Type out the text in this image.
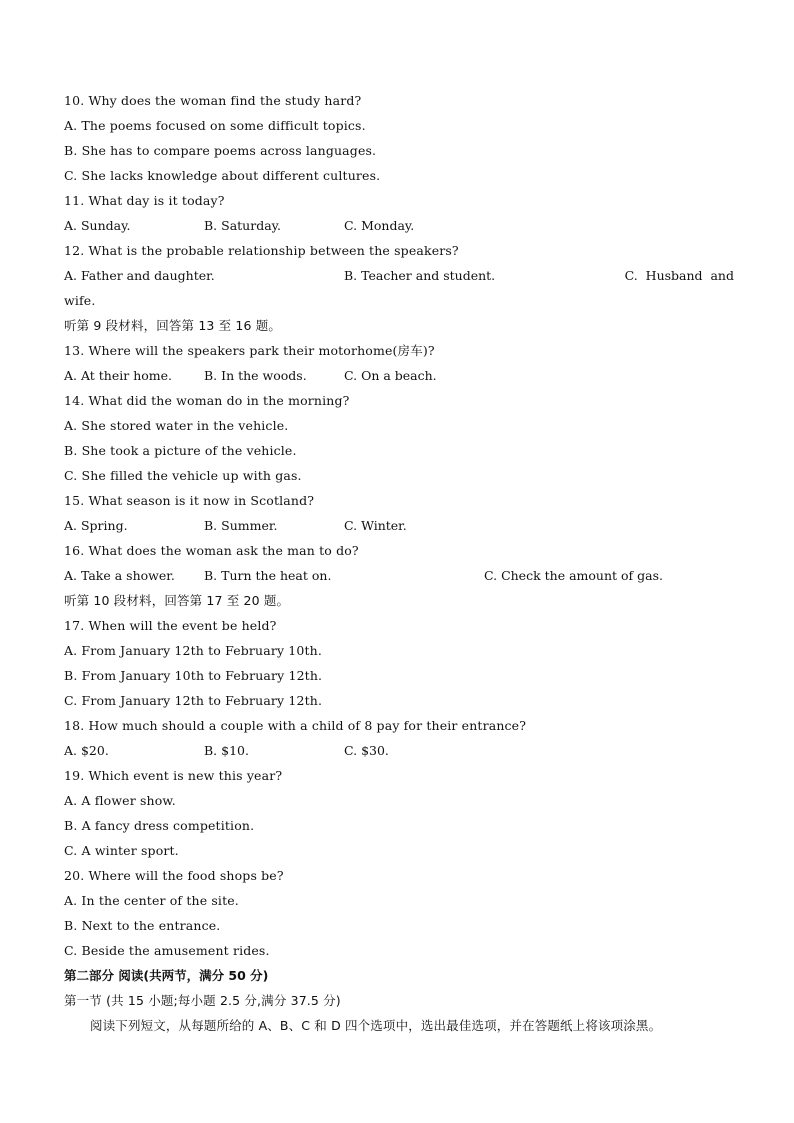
10. Why does the woman find the study hard?
A. The poems focused on some difficult topics.
B. She has to compare poems across languages.
C. She lacks knowledge about different cultures.
11. What day is it today?
A. Sunday.	B. Saturday.	C. Monday.
12. What is the probable relationship between the speakers?
A. Father and daughter.	B. Teacher and student.	C.  Husband  and
wife.
听第 9 段材料，回答第 13 至 16 题。
13. Where will the speakers park their motorhome(房车)?
A. At their home.	B. In the woods.	C. On a beach.
14. What did the woman do in the morning?
A. She stored water in the vehicle.
B. She took a picture of the vehicle.
C. She filled the vehicle up with gas.
15. What season is it now in Scotland?
A. Spring.	B. Summer.	C. Winter.
16. What does the woman ask the man to do?
A. Take a shower.	B. Turn the heat on.	C. Check the amount of gas.
听第 10 段材料，回答第 17 至 20 题。
17. When will the event be held?
A. From January 12th to February 10th.
B. From January 10th to February 12th.
C. From January 12th to February 12th.
18. How much should a couple with a child of 8 pay for their entrance?
A. $20.	B. $10.	C. $30.
19. Which event is new this year?
A. A flower show.
B. A fancy dress competition.
C. A winter sport.
20. Where will the food shops be?
A. In the center of the site.
B. Next to the entrance.
C. Beside the amusement rides.
第二部分 阅读(共两节，满分 50 分)
第一节 (共 15 小题;每小题 2.5 分,满分 37.5 分)
阅读下列短文，从每题所给的 A、B、C 和 D 四个选项中，选出最佳选项，并在答题纸上将该项涂黑。
